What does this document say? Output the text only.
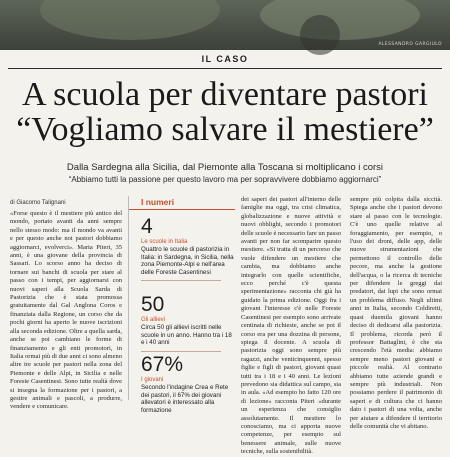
ALESSANDRO GARGIULO
IL CASO
A scuola per diventare pastori
“Vogliamo salvare il mestiere”
Dalla Sardegna alla Sicilia, dal Piemonte alla Toscana si moltiplicano i corsi
“Abbiamo tutti la passione per questo lavoro ma per sopravvivere dobbiamo aggiornarci”
di Giacomo Talignani

«Forse questo è il mestiere più antico del mondo, portato avanti da anni sempre nello stesso modo: ma il mondo va avanti e per questo anche noi pastori dobbiamo aggiornarci, evolverci». Marta Piteri, 35 anni, è una giovane della provincia di Sassari. Lo scorso anno ha deciso di tornare sui banchi di scuola per stare al passo con i tempi, per aggiornarsi con nuovi saperi alla Scuola Sarda di Pastorizia che è stata promossa gratuitamente dal Gal Anglona Coros e finanziata dalla Regione, un corso che da pochi giorni ha aperto le nuove iscrizioni alla seconda edizione. Oltre a quella sarda, anche se poi cambiano le forme di finanziamento e gli enti promotori, in Italia ormai più di due anni ci sono almeno altre tre scuole per pastori nella zona del Piemonte e delle Alpi, in Sicilia e nelle Foreste Casentinesi. Sono tutte realtà dove si insegna la formazione per i pastori, a gestire animali e pascoli, a produrre, vendere e comunicare.

I numeri
4
Le scuole in Italia
Quattro le scuole di pastorizia in Italia: in Sardegna, in Sicilia, nella zona Piemonte-Alpi e nell'area delle Foreste Casentinesi
50
Gli allievi
Circa 50 gli allievi iscritti nelle scuole in un anno. Hanno tra i 18 e i 40 anni
67%
I giovani
Secondo l'indagine Crea e Rete dei pastori, il 67% dei giovani allevatori è interessato alla formazione

dei saperi dei pastori all'interno delle famiglie ma oggi, tra crisi climatica, globalizzazione e nuove attività e nuovi obblighi, secondo i promotori delle scuole è necessario fare un passo avanti per non far scomparire questo mestiere. «Si tratta di un percorso che vuole difendere un mestiere che cambia, ma dobbiamo anche integrarlo con quelle scientifiche, ecco perché c'è questa sperimentazione» racconta chi già ha guidato la prima edizione. Oggi fra i giovani l'interesse c'è nelle Foreste Casentinesi per esempio sono arrivate centinaia di richieste, anche se poi il corso era per una dozzina di persone, spiega il docente. A scuola di pastorizia oggi sono sempre più ragazzi, anche venticinquenni, spesso figlie e figli di pastori, giovani quasi tutti tra i 18 e i 40 anni. Le lezioni prevedono sia didattica sul campo, sia in aula. «Ad esempio ho fatto 120 ore di lezione» racconta Piteri «durante un esperienza che consiglio assolutamente. Il mestiere lo conosciamo, ma ci apporta nuove competenze, per esempio sul benessere animale, sulle nuove tecniche, sulla sostenibilità.

sempre più colpita dalla siccità. Spiega anche che i pastori devono stare al passo con le tecnologie. C'è uno quelle relative al foraggiamento, per esempio, o l'uso dei droni, delle app, delle nuove strumentazioni che permettono il controllo delle pecore, ma anche la gestione dell'acqua, o la ricerca di tecniche per difendere le greggi dai predatori, dai lupi che sono ormai un problema diffuso. Negli ultimi anni in Italia, secondo Coldiretti, quasi duemila giovani hanno deciso di dedicarsi alla pastorizia. Il problema, ricorda però il professor Battaglini, è che sta crescendo l'età media: abbiamo sempre meno pastori giovani e piccole realtà. Al contrario abbiamo tutte aziende grandi e sempre più industriali. Non possiamo perdere il patrimonio di saperi e di cultura che ci hanno dato i pastori di una volta, anche per aiutare a difendere il territorio delle comunità che vi abitano.
